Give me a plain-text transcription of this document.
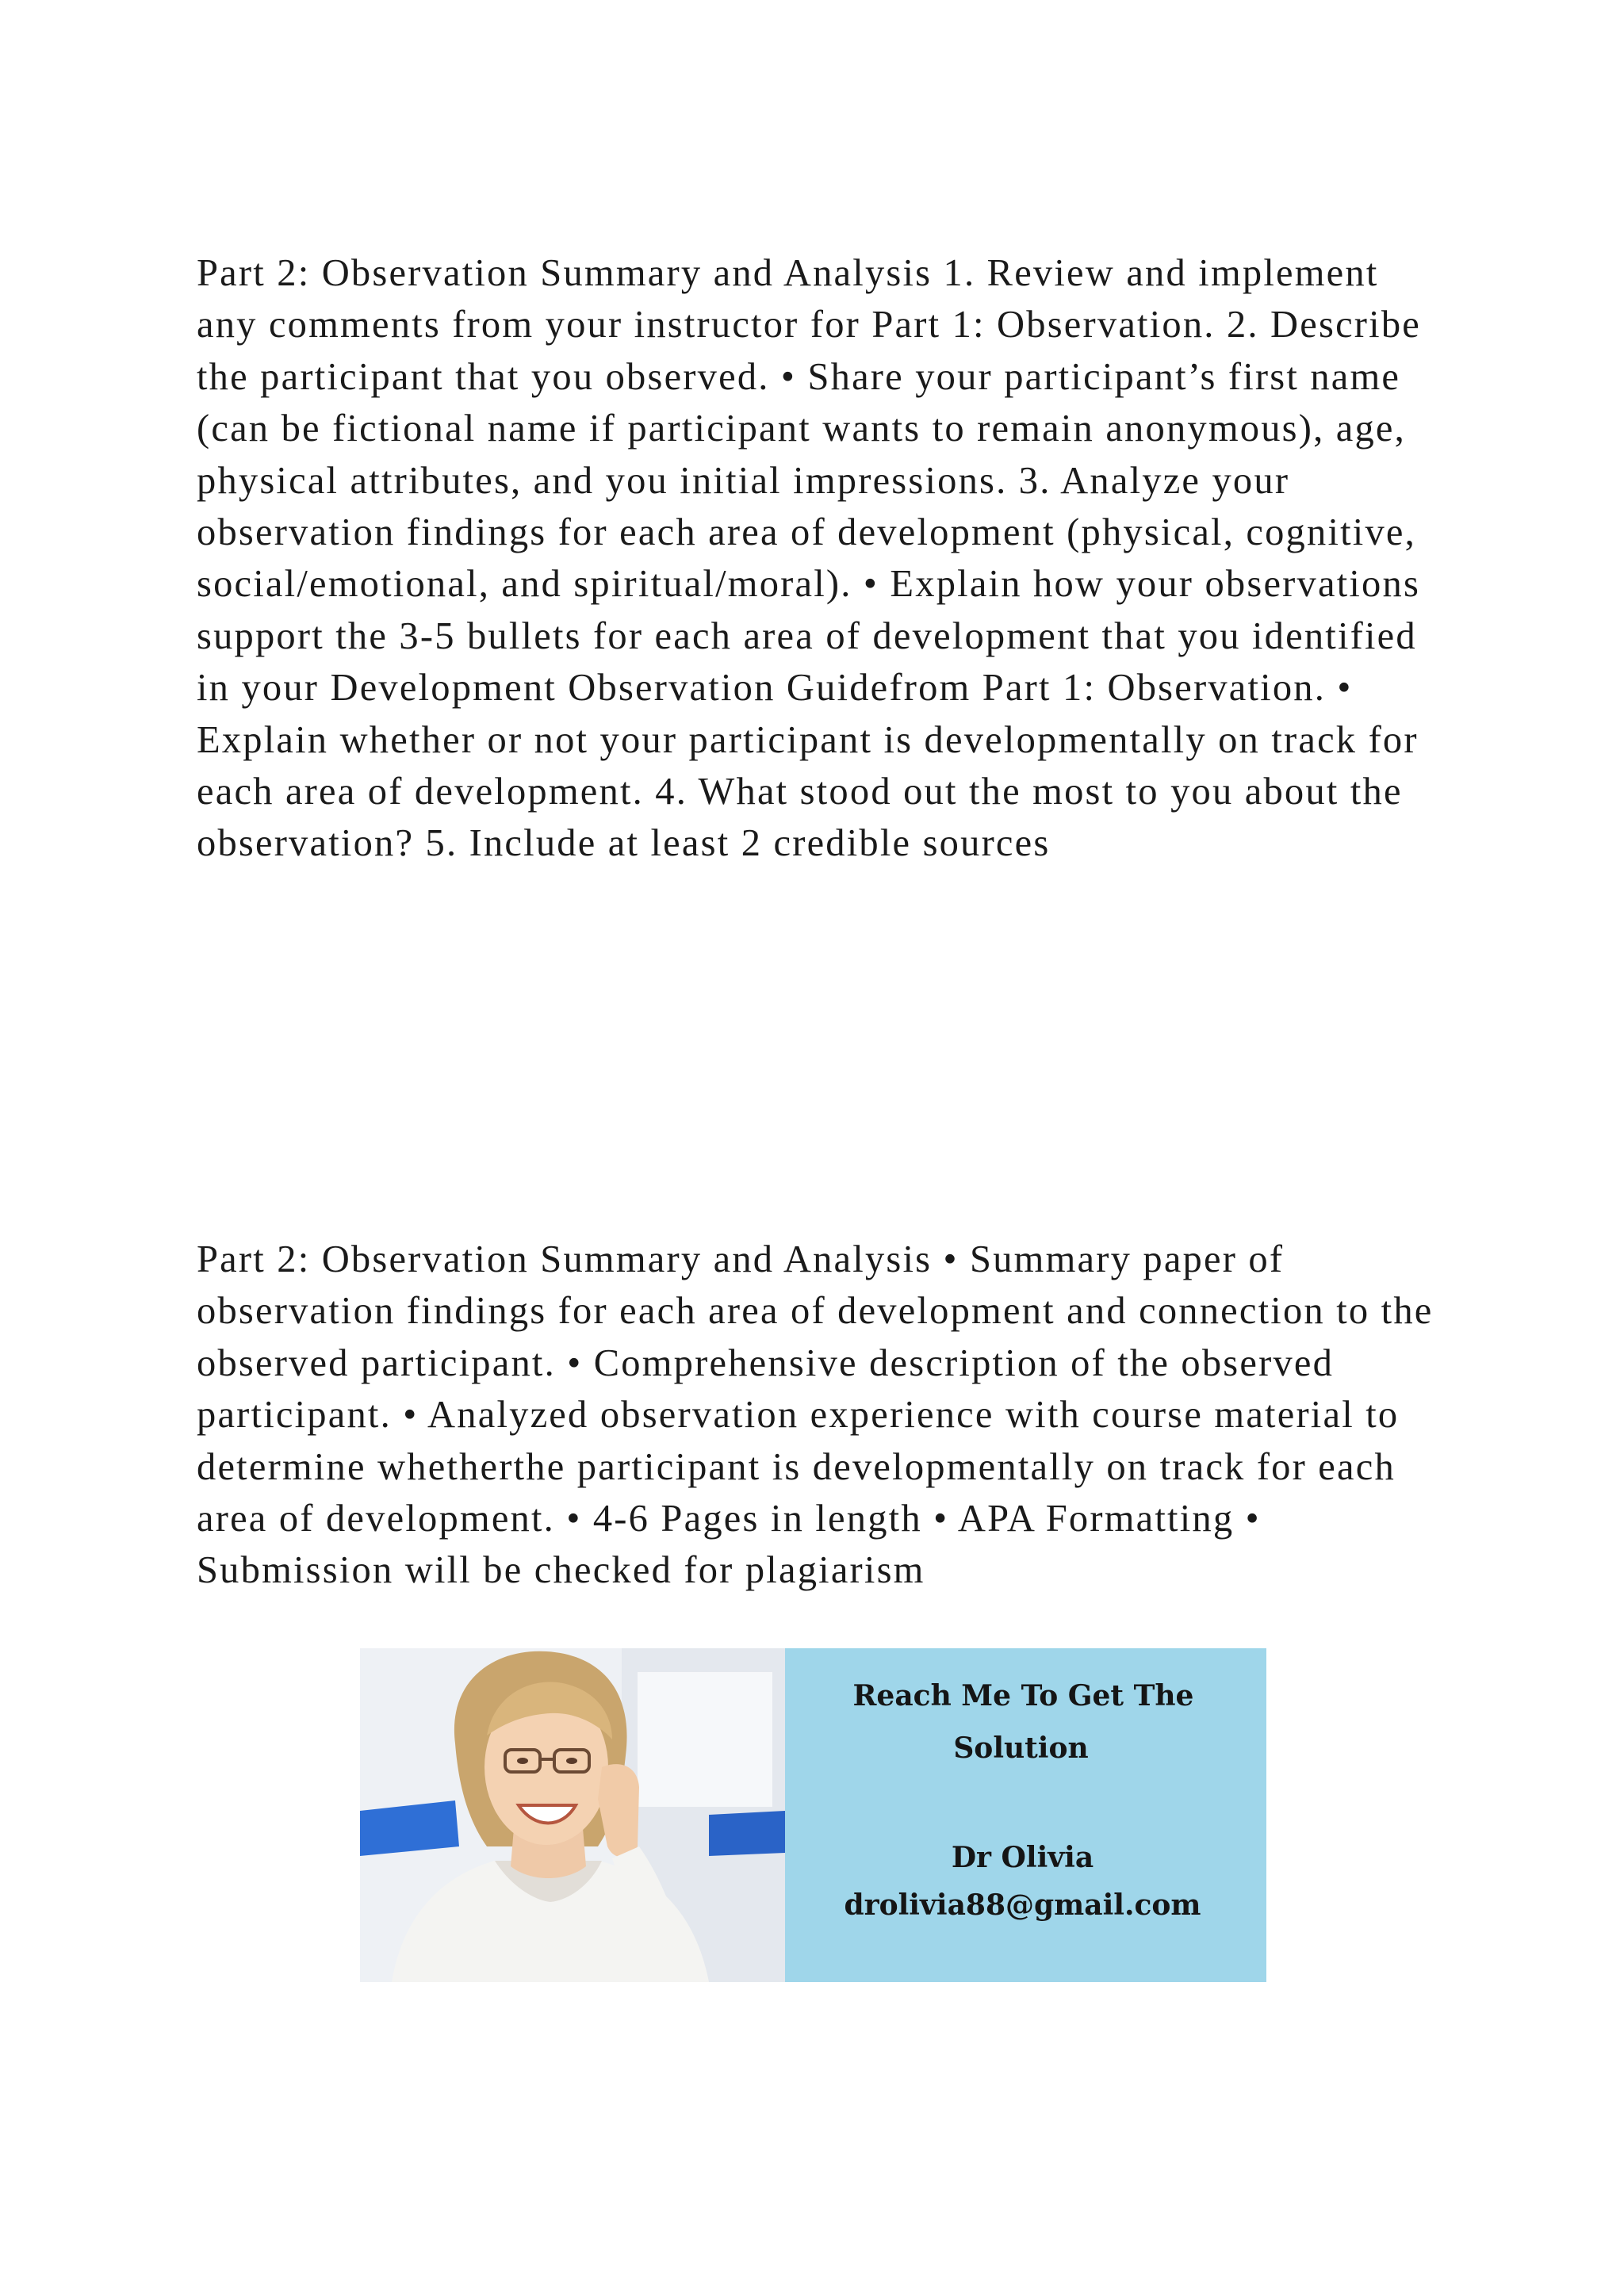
Part 2: Observation Summary and Analysis 1. Review and implement any comments from your instructor for Part 1: Observation. 2. Describe the participant that you observed. • Share your participant’s first name (can be fictional name if participant wants to remain anonymous), age, physical attributes, and you initial impressions. 3. Analyze your observation findings for each area of development (physical, cognitive, social/emotional, and spiritual/moral). • Explain how your observations support the 3-5 bullets for each area of development that you identified in your Development Observation Guidefrom Part 1: Observation. • Explain whether or not your participant is developmentally on track for each area of development. 4. What stood out the most to you about the observation? 5. Include at least 2 credible sources

Part 2: Observation Summary and Analysis • Summary paper of observation findings for each area of development and connection to the observed participant. • Comprehensive description of the observed participant. • Analyzed observation experience with course material to determine whetherthe participant is developmentally on track for each area of development. • 4-6 Pages in length • APA Formatting • Submission will be checked for plagiarism

Reach Me To Get The

Solution

Dr Olivia

drolivia88@gmail.com
